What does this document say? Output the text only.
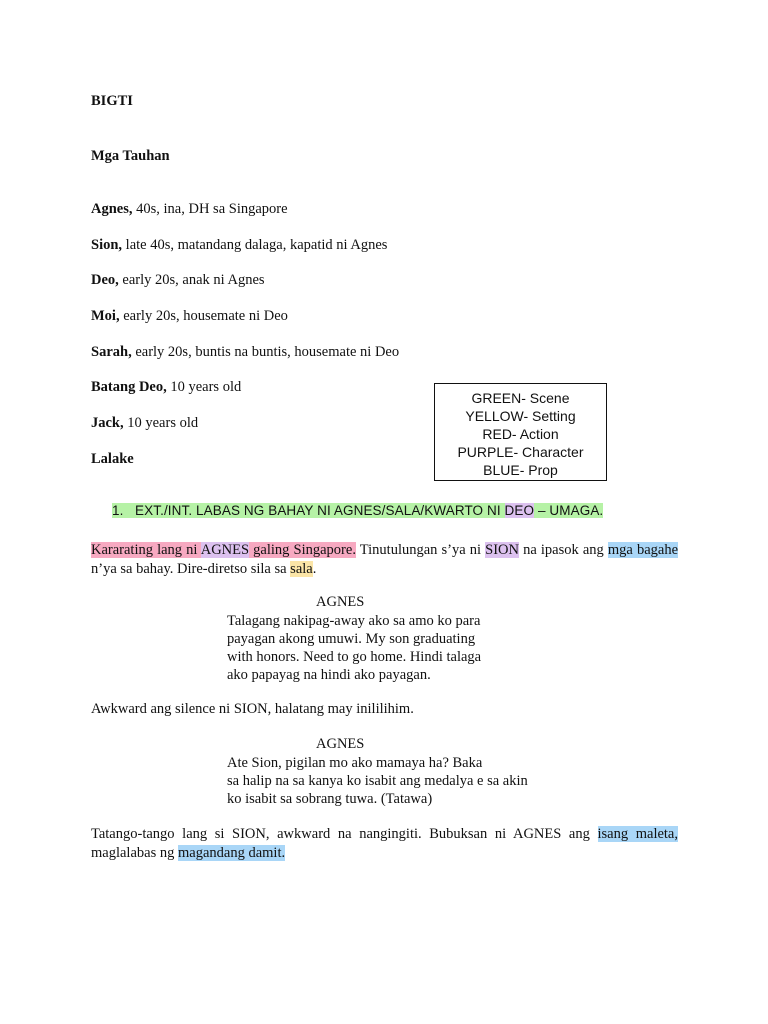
BIGTI
Mga Tauhan
Agnes, 40s, ina, DH sa Singapore
Sion, late 40s, matandang dalaga, kapatid ni Agnes
Deo, early 20s, anak ni Agnes
Moi, early 20s, housemate ni Deo
Sarah, early 20s, buntis na buntis, housemate ni Deo
Batang Deo, 10 years old
Jack, 10 years old
Lalake
GREEN- Scene
YELLOW- Setting
RED- Action
PURPLE- Character
BLUE- Prop
1. EXT./INT. LABAS NG BAHAY NI AGNES/SALA/KWARTO NI DEO – UMAGA.
Kararating lang ni AGNES galing Singapore. Tinutulungan s’ya ni SION na ipasok ang mga bagahe n’ya sa bahay. Dire-diretso sila sa sala.
AGNES
Talagang nakipag-away ako sa amo ko para
payagan akong umuwi. My son graduating
with honors. Need to go home. Hindi talaga
ako papayag na hindi ako payagan.
Awkward ang silence ni SION, halatang may inililihim.
AGNES
Ate Sion, pigilan mo ako mamaya ha? Baka
sa halip na sa kanya ko isabit ang medalya e sa akin
ko isabit sa sobrang tuwa. (Tatawa)
Tatango-tango lang si SION, awkward na nangingiti. Bubuksan ni AGNES ang isang maleta, maglalabas ng magandang damit.
